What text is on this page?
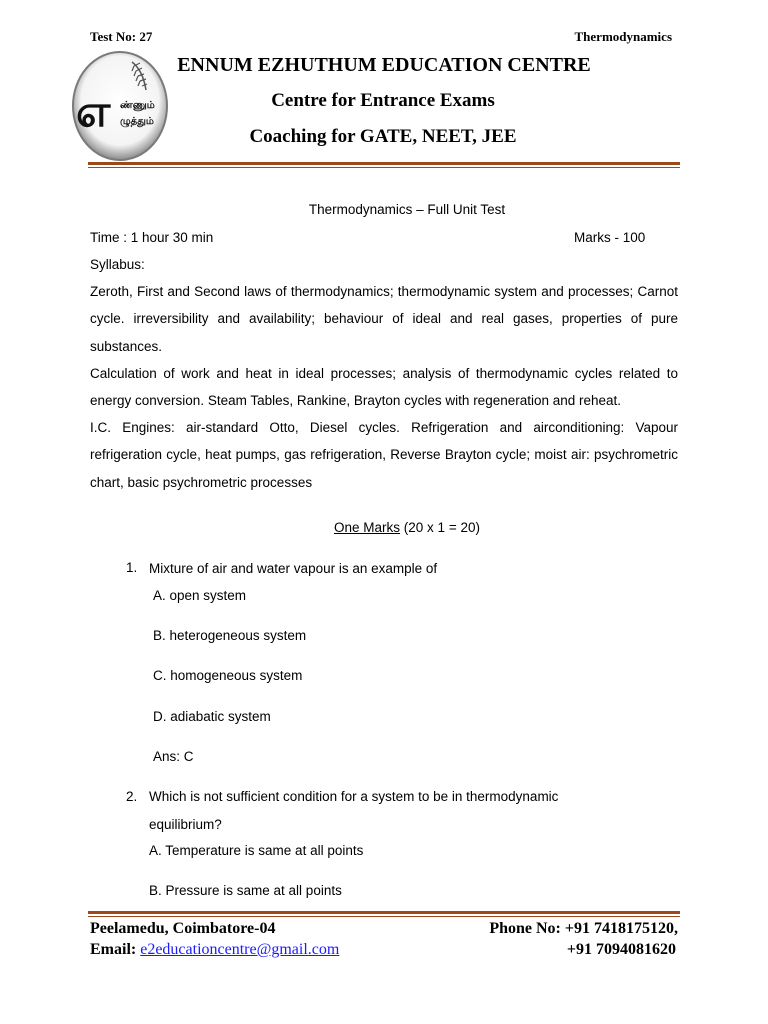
Test No: 27	Thermodynamics
எ ண்ணும்
ழுத்தும்
ENNUM EZHUTHUM EDUCATION CENTRE
Centre for Entrance Exams
Coaching for GATE, NEET, JEE
Thermodynamics – Full Unit Test
Time : 1 hour 30 min	Marks - 100
Syllabus:
Zeroth, First and Second laws of thermodynamics; thermodynamic system and processes; Carnot cycle. irreversibility and availability; behaviour of ideal and real gases, properties of pure substances.
Calculation of work and heat in ideal processes; analysis of thermodynamic cycles related to energy conversion. Steam Tables, Rankine, Brayton cycles with regeneration and reheat.
I.C. Engines: air-standard Otto, Diesel cycles. Refrigeration and airconditioning: Vapour refrigeration cycle, heat pumps, gas refrigeration, Reverse Brayton cycle; moist air: psychrometric chart, basic psychrometric processes
One Marks (20 x 1 = 20)
1. Mixture of air and water vapour is an example of
A. open system
B. heterogeneous system
C. homogeneous system
D. adiabatic system
Ans: C
2. Which is not sufficient condition for a system to be in thermodynamic equilibrium?
A. Temperature is same at all points
B. Pressure is same at all points
Peelamedu, Coimbatore-04
Email: e2educationcentre@gmail.com
Phone No: +91 7418175120,
+91 7094081620
